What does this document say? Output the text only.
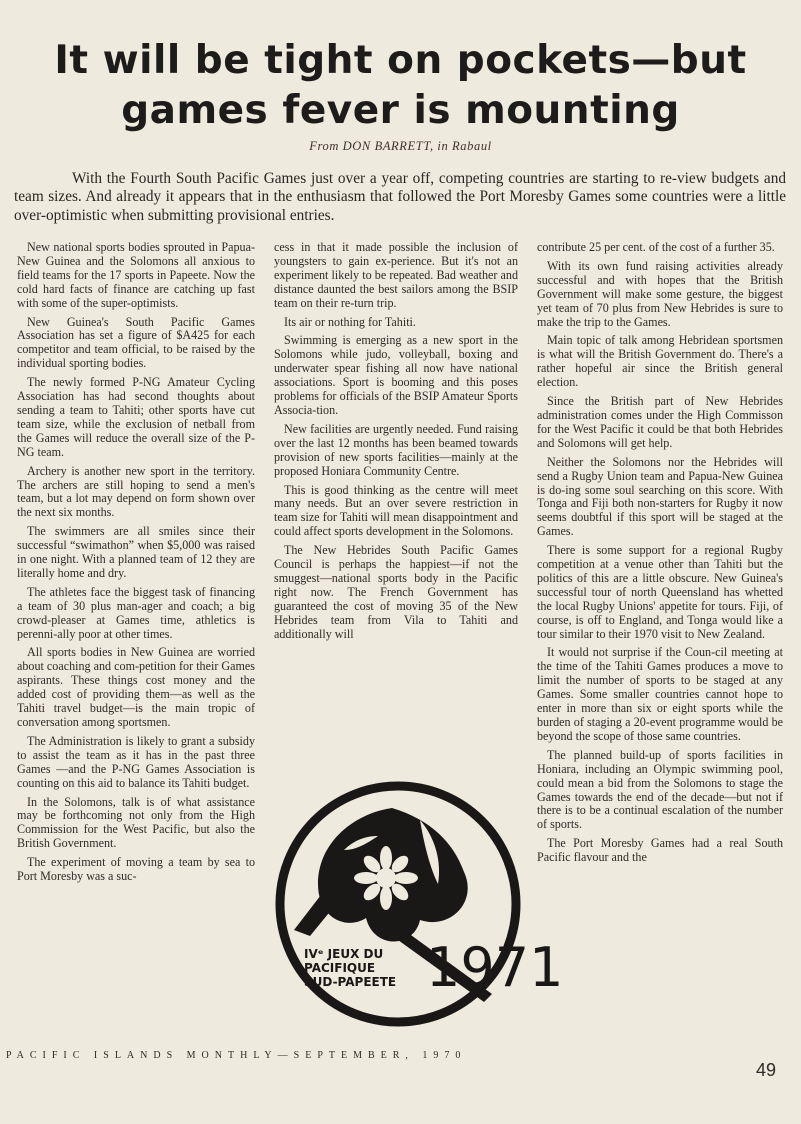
It will be tight on pockets—but
games fever is mounting
From DON BARRETT, in Rabaul
With the Fourth South Pacific Games just over a year off, competing countries are starting to re-view budgets and team sizes. And already it appears that in the enthusiasm that followed the Port Moresby Games some countries were a little over-optimistic when submitting provisional entries.

New national sports bodies sprouted in Papua-New Guinea and the Solomons all anxious to field teams for the 17 sports in Papeete. Now the cold hard facts of finance are catching up fast with some of the super-optimists.

New Guinea's South Pacific Games Association has set a figure of $A425 for each competitor and team official, to be raised by the individual sporting bodies.

The newly formed P-NG Amateur Cycling Association has had second thoughts about sending a team to Tahiti; other sports have cut team size, while the exclusion of netball from the Games will reduce the overall size of the P-NG team.

Archery is another new sport in the territory. The archers are still hoping to send a men's team, but a lot may depend on form shown over the next six months.

The swimmers are all smiles since their successful “swimathon” when $5,000 was raised in one night. With a planned team of 12 they are literally home and dry.

The athletes face the biggest task of financing a team of 30 plus man-ager and coach; a big crowd-pleaser at Games time, athletics is perenni-ally poor at other times.

All sports bodies in New Guinea are worried about coaching and com-petition for their Games aspirants. These things cost money and the added cost of providing them—as well as the Tahiti travel budget—is the main tropic of conversation among sportsmen.

The Administration is likely to grant a subsidy to assist the team as it has in the past three Games —and the P-NG Games Association is counting on this aid to balance its Tahiti budget.

In the Solomons, talk is of what assistance may be forthcoming not only from the High Commission for the West Pacific, but also the British Government.

The experiment of moving a team by sea to Port Moresby was a suc-

cess in that it made possible the inclusion of youngsters to gain ex-perience. But it's not an experiment likely to be repeated. Bad weather and distance daunted the best sailors among the BSIP team on their re-turn trip.

Its air or nothing for Tahiti.

Swimming is emerging as a new sport in the Solomons while judo, volleyball, boxing and underwater spear fishing all now have national associations. Sport is booming and this poses problems for officials of the BSIP Amateur Sports Associa-tion.

New facilities are urgently needed. Fund raising over the last 12 months has been beamed towards provision of new sports facilities—mainly at the proposed Honiara Community Centre.

This is good thinking as the centre will meet many needs. But an over severe restriction in team size for Tahiti will mean disappointment and could affect sports development in the Solomons.

The New Hebrides South Pacific Games Council is perhaps the happiest—if not the smuggest—national sports body in the Pacific right now. The French Government has guaranteed the cost of moving 35 of the New Hebrides team from Vila to Tahiti and additionally will

contribute 25 per cent. of the cost of a further 35.

With its own fund raising activities already successful and with hopes that the British Government will make some gesture, the biggest yet team of 70 plus from New Hebrides is sure to make the trip to the Games.

Main topic of talk among Hebridean sportsmen is what will the British Government do. There's a rather hopeful air since the British general election.

Since the British part of New Hebrides administration comes under the High Commisson for the West Pacific it could be that both Hebrides and Solomons will get help.

Neither the Solomons nor the Hebrides will send a Rugby Union team and Papua-New Guinea is do-ing some soul searching on this score. With Tonga and Fiji both non-starters for Rugby it now seems doubtful if this sport will be staged at the Games.

There is some support for a regional Rugby competition at a venue other than Tahiti but the politics of this are a little obscure. New Guinea's successful tour of north Queensland has whetted the local Rugby Unions' appetite for tours. Fiji, of course, is off to England, and Tonga would like a tour similar to their 1970 visit to New Zealand.

It would not surprise if the Coun-cil meeting at the time of the Tahiti Games produces a move to limit the number of sports to be staged at any Games. Some smaller countries cannot hope to enter in more than six or eight sports while the burden of staging a 20-event programme would be beyond the scope of those same countries.

The planned build-up of sports facilities in Honiara, including an Olympic swimming pool, could mean a bid from the Solomons to stage the Games towards the end of the decade—but not if there is to be a continual escalation of the number of sports.

The Port Moresby Games had a real South Pacific flavour and the

IVᵉ JEUX DU
PACIFIQUE
SUD-PAPEETE 1971
PACIFIC ISLANDS MONTHLY—SEPTEMBER, 1970
49
